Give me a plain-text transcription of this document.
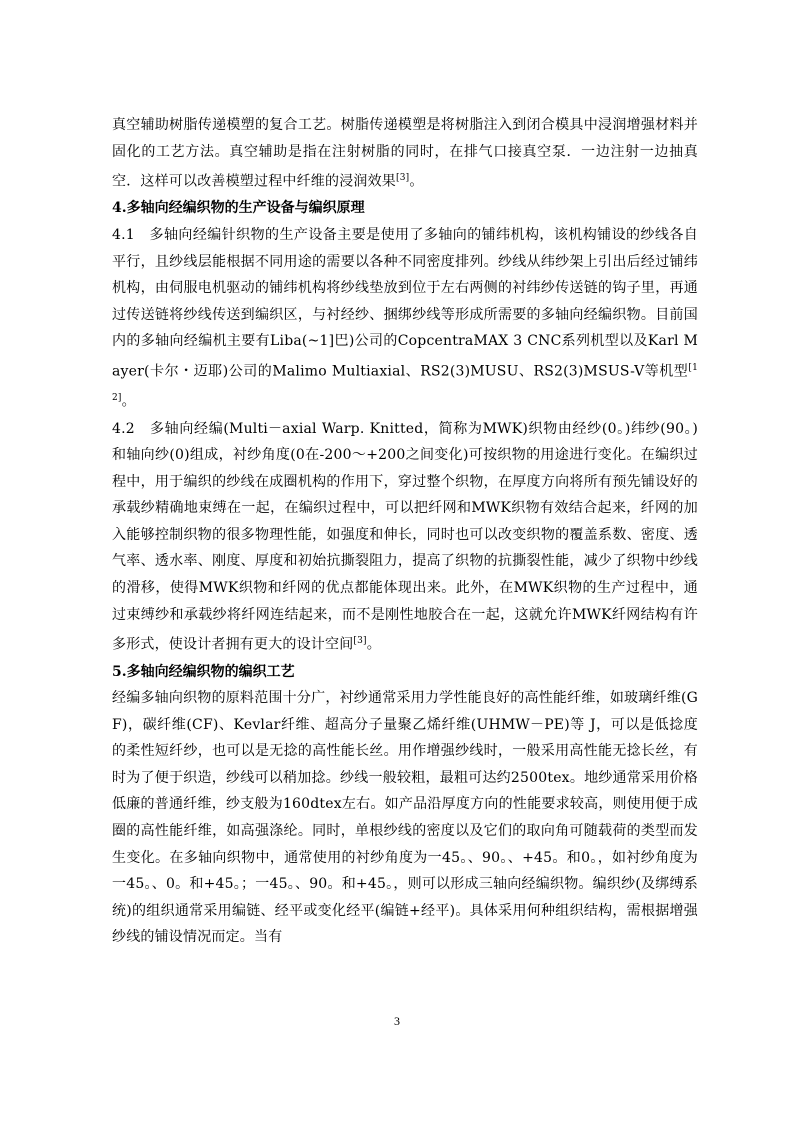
真空辅助树脂传递模塑的复合工艺。树脂传递模塑是将树脂注入到闭合模具中浸润增强材料并固化的工艺方法。真空辅助是指在注射树脂的同时，在排气口接真空泵．一边注射一边抽真空．这样可以改善模塑过程中纤维的浸润效果[3]。

4.多轴向经编织物的生产设备与编织原理

4.1　多轴向经编针织物的生产设备主要是使用了多轴向的铺纬机构，该机构铺设的纱线各自平行，且纱线层能根据不同用途的需要以各种不同密度排列。纱线从纬纱架上引出后经过铺纬机构，由伺服电机驱动的铺纬机构将纱线垫放到位于左右两侧的衬纬纱传送链的钩子里，再通过传送链将纱线传送到编织区，与衬经纱、捆绑纱线等形成所需要的多轴向经编织物。目前国内的多轴向经编机主要有Liba(~1]巴)公司的CopcentraMAX 3 CNC系列机型以及Karl Mayer(卡尔・迈耶)公司的Malimo Multiaxial、RS2(3)MUSU、RS2(3)MSUS-V等机型[12]。

4.2　多轴向经编(Multi－axial Warp. Knitted，简称为MWK)织物由经纱(0。)纬纱(90。)和轴向纱(0)组成，衬纱角度(0在-200～+200之间变化)可按织物的用途进行变化。在编织过程中，用于编织的纱线在成圈机构的作用下，穿过整个织物，在厚度方向将所有预先铺设好的承载纱精确地束缚在一起，在编织过程中，可以把纤网和MWK织物有效结合起来，纤网的加入能够控制织物的很多物理性能，如强度和伸长，同时也可以改变织物的覆盖系数、密度、透气率、透水率、刚度、厚度和初始抗撕裂阻力，提高了织物的抗撕裂性能，减少了织物中纱线的滑移，使得MWK织物和纤网的优点都能体现出来。此外，在MWK织物的生产过程中，通过束缚纱和承载纱将纤网连结起来，而不是刚性地胶合在一起，这就允许MWK纤网结构有许多形式，使设计者拥有更大的设计空间[3]。

5.多轴向经编织物的编织工艺

经编多轴向织物的原料范围十分广，衬纱通常采用力学性能良好的高性能纤维，如玻璃纤维(GF)，碳纤维(CF)、Kevlar纤维、超高分子量聚乙烯纤维(UHMW－PE)等 J，可以是低捻度的柔性短纤纱，也可以是无捻的高性能长丝。用作增强纱线时，一般采用高性能无捻长丝，有时为了便于织造，纱线可以稍加捻。纱线一般较粗，最粗可达约2500tex。地纱通常采用价格低廉的普通纤维，纱支般为160dtex左右。如产品沿厚度方向的性能要求较高，则使用便于成圈的高性能纤维，如高强涤纶。同时，单根纱线的密度以及它们的取向角可随载荷的类型而发生变化。在多轴向织物中，通常使用的衬纱角度为一45。、90。、+45。和0。，如衬纱角度为一45。、0。和+45。；一45。、90。和+45。，则可以形成三轴向经编织物。编织纱(及绑缚系统)的组织通常采用编链、经平或变化经平(编链+经平)。具体采用何种组织结构，需根据增强纱线的铺设情况而定。当有

3
